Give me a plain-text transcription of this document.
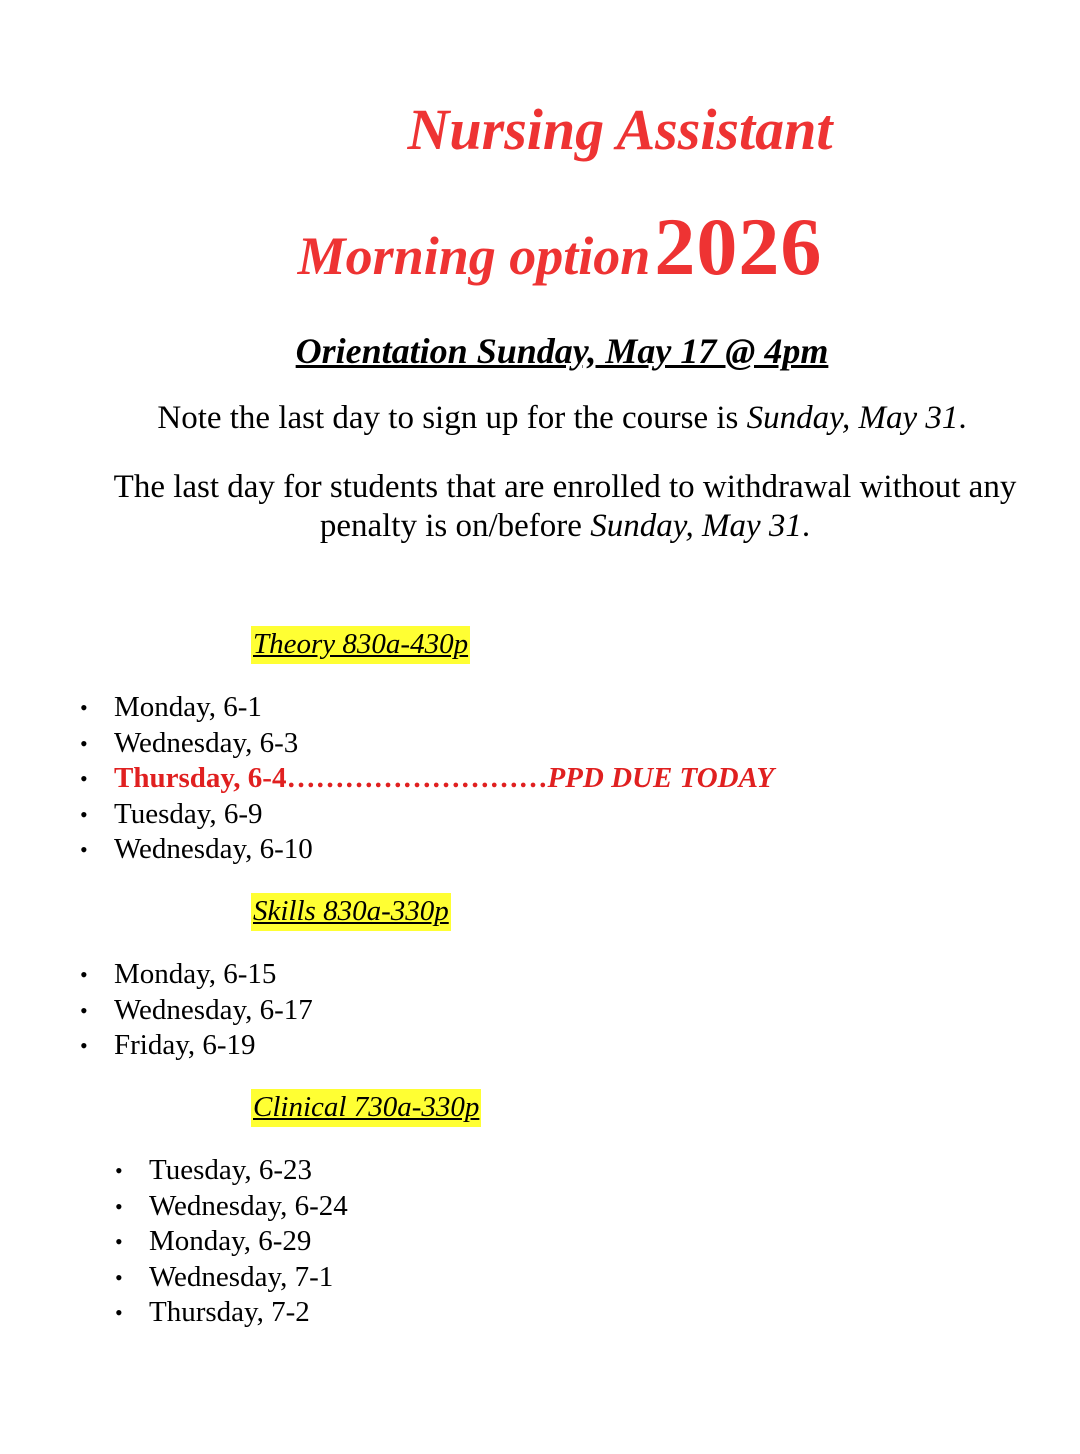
Nursing Assistant
Morning option 2026
Orientation Sunday, May 17 @ 4pm
Note the last day to sign up for the course is Sunday, May 31.
The last day for students that are enrolled to withdrawal without any penalty is on/before Sunday, May 31.
Theory 830a-430p
• Monday, 6-1
• Wednesday, 6-3
• Thursday, 6-4………………………PPD DUE TODAY
• Tuesday, 6-9
• Wednesday, 6-10
Skills 830a-330p
• Monday, 6-15
• Wednesday, 6-17
• Friday, 6-19
Clinical 730a-330p
• Tuesday, 6-23
• Wednesday, 6-24
• Monday, 6-29
• Wednesday, 7-1
• Thursday, 7-2
